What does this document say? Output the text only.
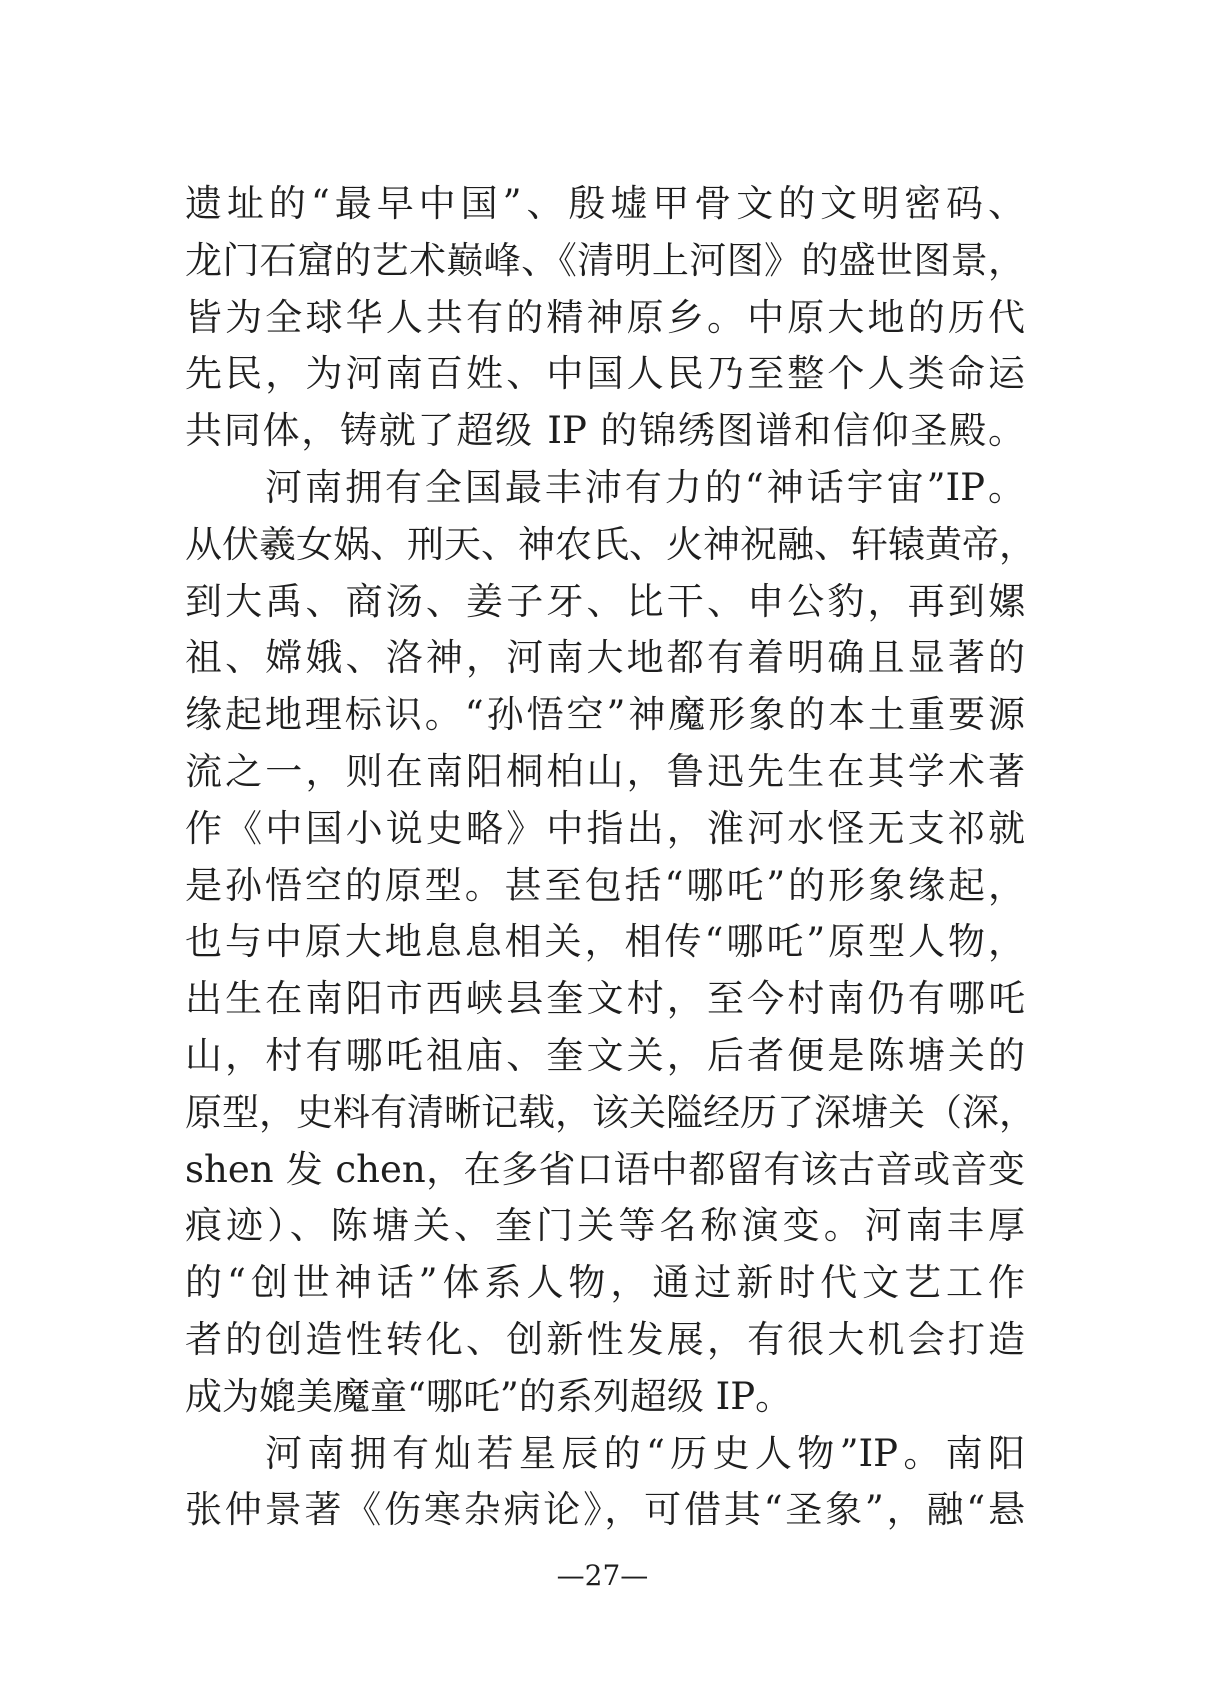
遗址的“最早中国”、殷墟甲骨文的文明密码、
龙门石窟的艺术巅峰、《清明上河图》的盛世图景，
皆为全球华人共有的精神原乡。中原大地的历代
先民，为河南百姓、中国人民乃至整个人类命运
共同体，铸就了超级 IP 的锦绣图谱和信仰圣殿。
河南拥有全国最丰沛有力的“神话宇宙”IP。
从伏羲女娲、刑天、神农氏、火神祝融、轩辕黄帝，
到大禹、商汤、姜子牙、比干、申公豹，再到嫘
祖、嫦娥、洛神，河南大地都有着明确且显著的
缘起地理标识。“孙悟空”神魔形象的本土重要源
流之一，则在南阳桐柏山，鲁迅先生在其学术著
作《中国小说史略》中指出，淮河水怪无支祁就
是孙悟空的原型。甚至包括“哪吒”的形象缘起，
也与中原大地息息相关，相传“哪吒”原型人物，
出生在南阳市西峡县奎文村，至今村南仍有哪吒
山，村有哪吒祖庙、奎文关，后者便是陈塘关的
原型，史料有清晰记载，该关隘经历了深塘关（深，
shen 发 chen，在多省口语中都留有该古音或音变
痕迹）、陈塘关、奎门关等名称演变。河南丰厚
的“创世神话”体系人物，通过新时代文艺工作
者的创造性转化、创新性发展，有很大机会打造
成为媲美魔童“哪吒”的系列超级 IP。
河南拥有灿若星辰的“历史人物”IP。南阳
张仲景著《伤寒杂病论》，可借其“圣象”，融“悬
—27—
